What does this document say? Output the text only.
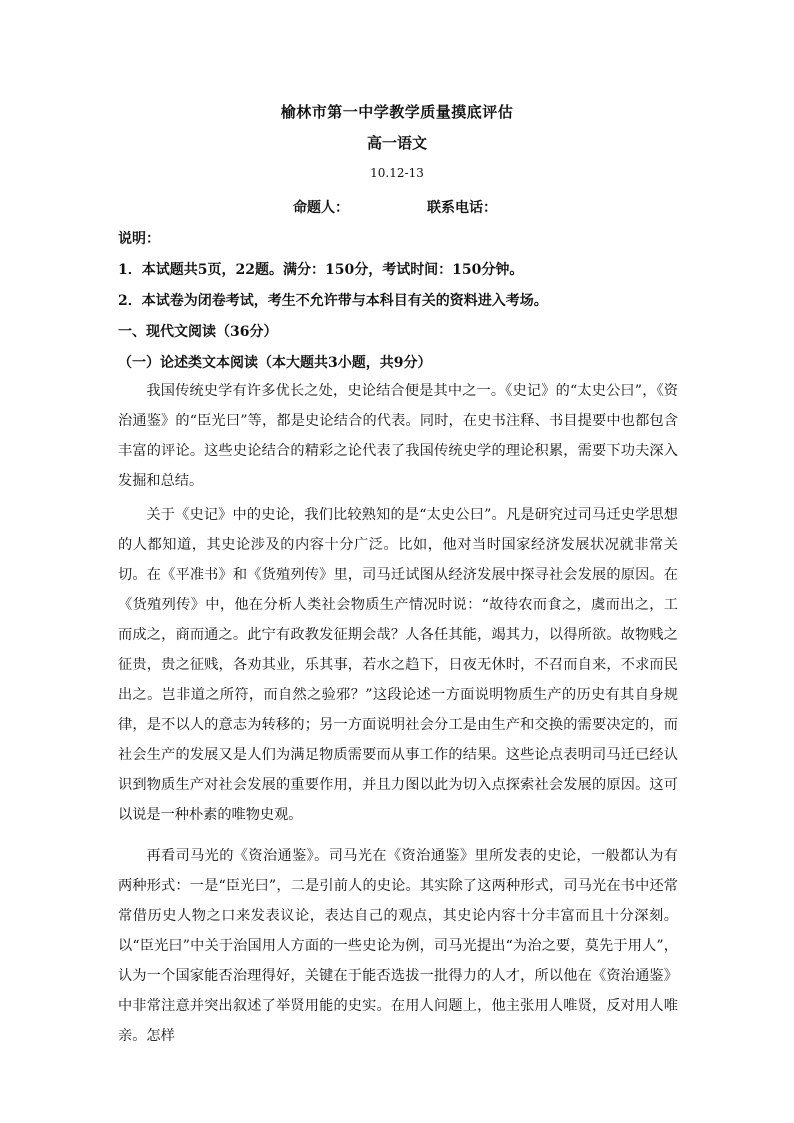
榆林市第一中学教学质量摸底评估
高一语文
10.12-13
命题人：	联系电话：
说明：
1．本试题共5页，22题。满分：150分，考试时间：150分钟。
2．本试卷为闭卷考试，考生不允许带与本科目有关的资料进入考场。
一、现代文阅读（36分）
（一）论述类文本阅读（本大题共3小题，共9分）

我国传统史学有许多优长之处，史论结合便是其中之一。《史记》的“太史公曰”，《资治通鉴》的“臣光曰”等，都是史论结合的代表。同时，在史书注释、书目提要中也都包含丰富的评论。这些史论结合的精彩之论代表了我国传统史学的理论积累，需要下功夫深入发掘和总结。

关于《史记》中的史论，我们比较熟知的是“太史公曰”。凡是研究过司马迁史学思想的人都知道，其史论涉及的内容十分广泛。比如，他对当时国家经济发展状况就非常关切。在《平准书》和《货殖列传》里，司马迁试图从经济发展中探寻社会发展的原因。在《货殖列传》中，他在分析人类社会物质生产情况时说：“故待农而食之，虞而出之，工而成之，商而通之。此宁有政教发征期会哉？人各任其能，竭其力，以得所欲。故物贱之征贵，贵之征贱，各劝其业，乐其事，若水之趋下，日夜无休时，不召而自来，不求而民出之。岂非道之所符，而自然之验邪？”这段论述一方面说明物质生产的历史有其自身规律，是不以人的意志为转移的；另一方面说明社会分工是由生产和交换的需要决定的，而社会生产的发展又是人们为满足物质需要而从事工作的结果。这些论点表明司马迁已经认识到物质生产对社会发展的重要作用，并且力图以此为切入点探索社会发展的原因。这可以说是一种朴素的唯物史观。

再看司马光的《资治通鉴》。司马光在《资治通鉴》里所发表的史论，一般都认为有两种形式：一是“臣光曰”，二是引前人的史论。其实除了这两种形式，司马光在书中还常常借历史人物之口来发表议论，表达自己的观点，其史论内容十分丰富而且十分深刻。以“臣光曰”中关于治国用人方面的一些史论为例，司马光提出“为治之要，莫先于用人”，认为一个国家能否治理得好，关键在于能否选拔一批得力的人才，所以他在《资治通鉴》中非常注意并突出叙述了举贤用能的史实。在用人问题上，他主张用人唯贤，反对用人唯亲。怎样
